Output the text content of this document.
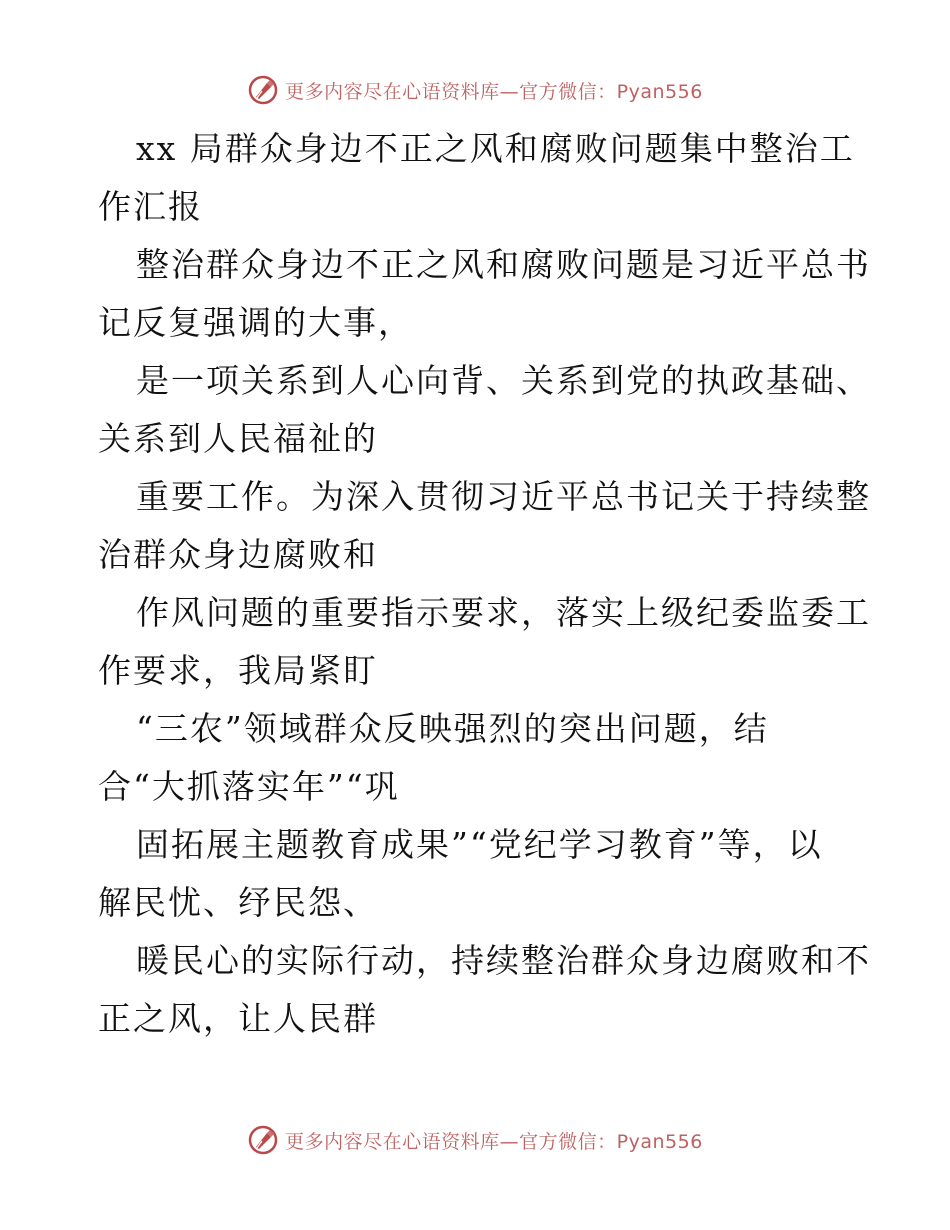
更多内容尽在心语资料库—官方微信：Pyan556
xx 局群众身边不正之风和腐败问题集中整治工
作汇报
整治群众身边不正之风和腐败问题是习近平总书
记反复强调的大事，
是一项关系到人心向背、关系到党的执政基础、
关系到人民福祉的
重要工作。为深入贯彻习近平总书记关于持续整
治群众身边腐败和
作风问题的重要指示要求，落实上级纪委监委工
作要求，我局紧盯
“三农”领域群众反映强烈的突出问题，结
合“大抓落实年”“巩
固拓展主题教育成果”“党纪学习教育”等，以
解民忧、纾民怨、
暖民心的实际行动，持续整治群众身边腐败和不
正之风，让人民群
更多内容尽在心语资料库—官方微信：Pyan556
